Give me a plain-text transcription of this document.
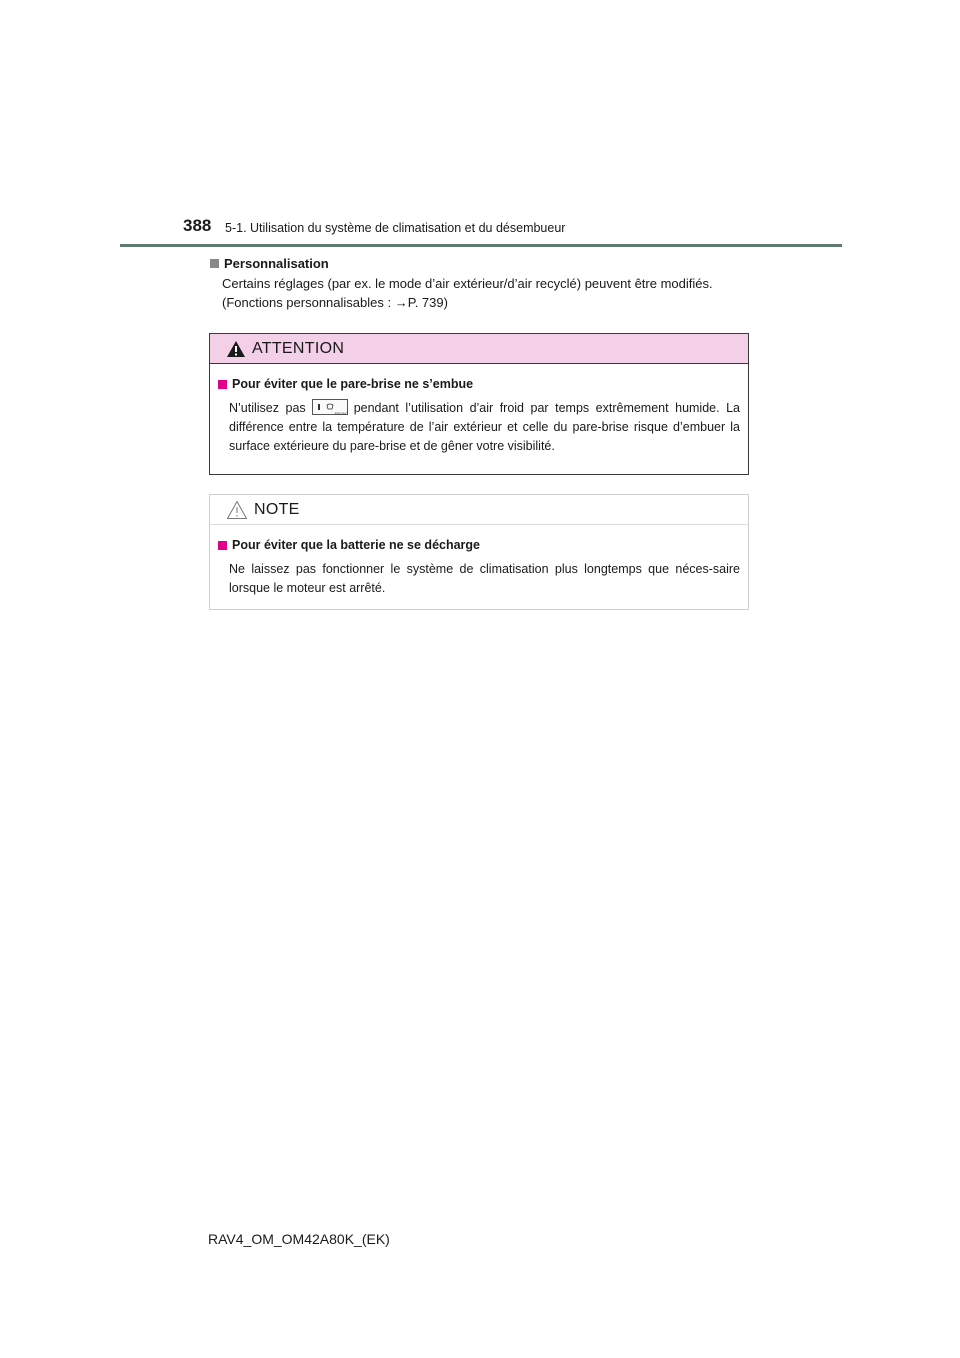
388 5-1. Utilisation du système de climatisation et du désembueur
Personnalisation
Certains réglages (par ex. le mode d’air extérieur/d’air recyclé) peuvent être modifiés.
(Fonctions personnalisables : →P. 739)
ATTENTION
Pour éviter que le pare-brise ne s’embue
N’utilisez pas	FRONT pendant l’utilisation d’air froid par temps extrêmement humide. La différence entre la température de l’air extérieur et celle du pare-brise risque d’embuer la surface extérieure du pare-brise et de gêner votre visibilité.
NOTE
Pour éviter que la batterie ne se décharge
Ne laissez pas fonctionner le système de climatisation plus longtemps que néces-saire lorsque le moteur est arrêté.
RAV4_OM_OM42A80K_(EK)
